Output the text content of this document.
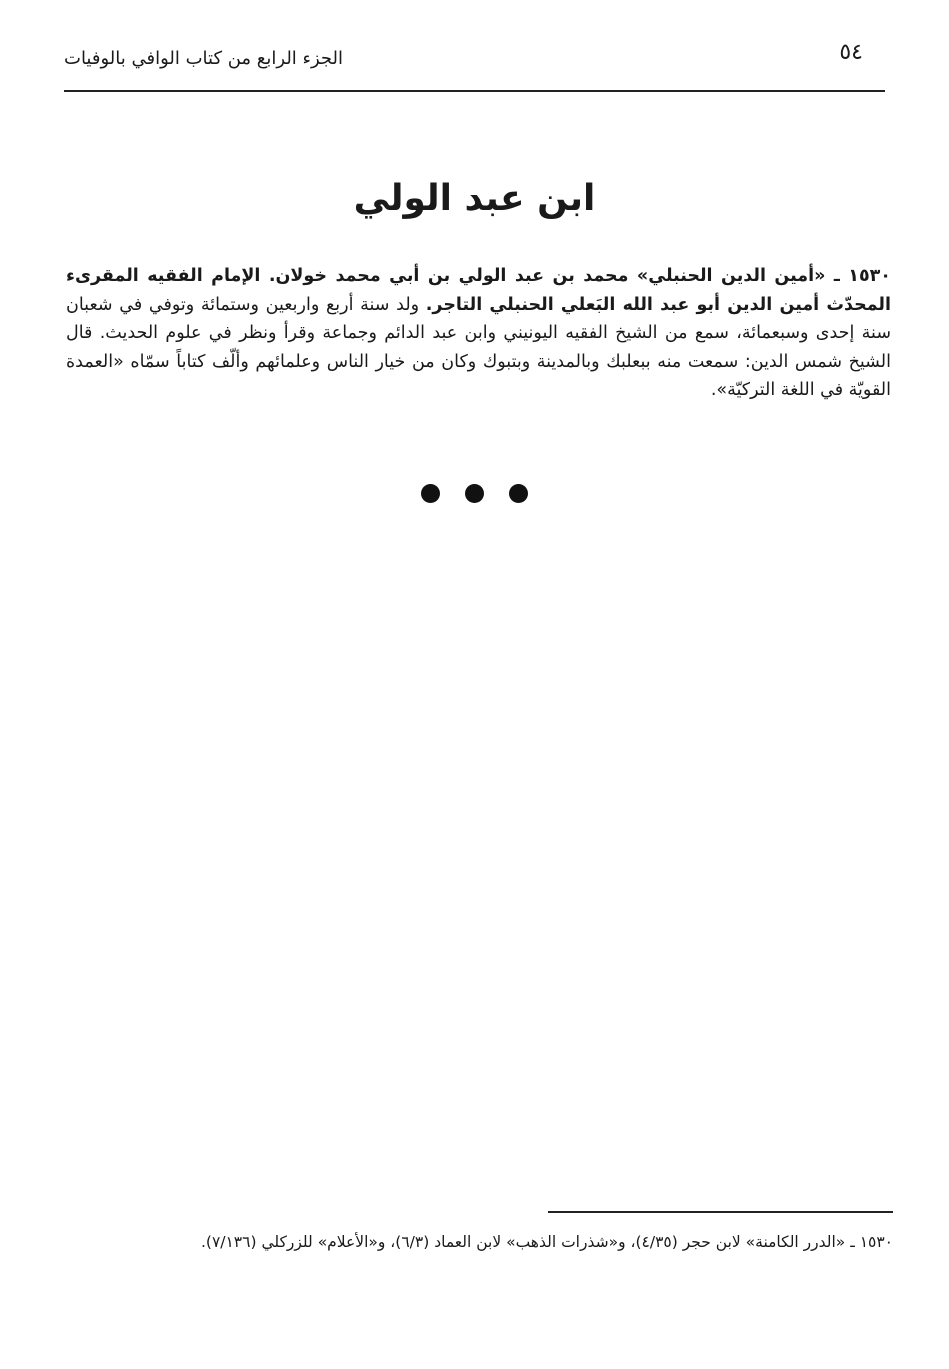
٥٤
الجزء الرابع من كتاب الوافي بالوفيات
ابن عبد الولي
١٥٣٠ ـ «أمين الدين الحنبلي» محمد بن عبد الولي بن أبي محمد خولان. الإمام الفقيه المقرىء المحدّث أمين الدين أبو عبد الله البَعلي الحنبلي التاجر. ولد سنة أربع واربعين وستمائة وتوفي في شعبان سنة إحدى وسبعمائة، سمع من الشيخ الفقيه اليونيني وابن عبد الدائم وجماعة وقرأ ونظر في علوم الحديث. قال الشيخ شمس الدين: سمعت منه ببعلبك وبالمدينة وبتبوك وكان من خيار الناس وعلمائهم وألّف كتاباً سمّاه «العمدة القويّة في اللغة التركيّة».
١٥٣٠ ـ «الدرر الكامنة» لابن حجر (٤/٣٥)، و«شذرات الذهب» لابن العماد (٦/٣)، و«الأعلام» للزركلي (٧/١٣٦).
